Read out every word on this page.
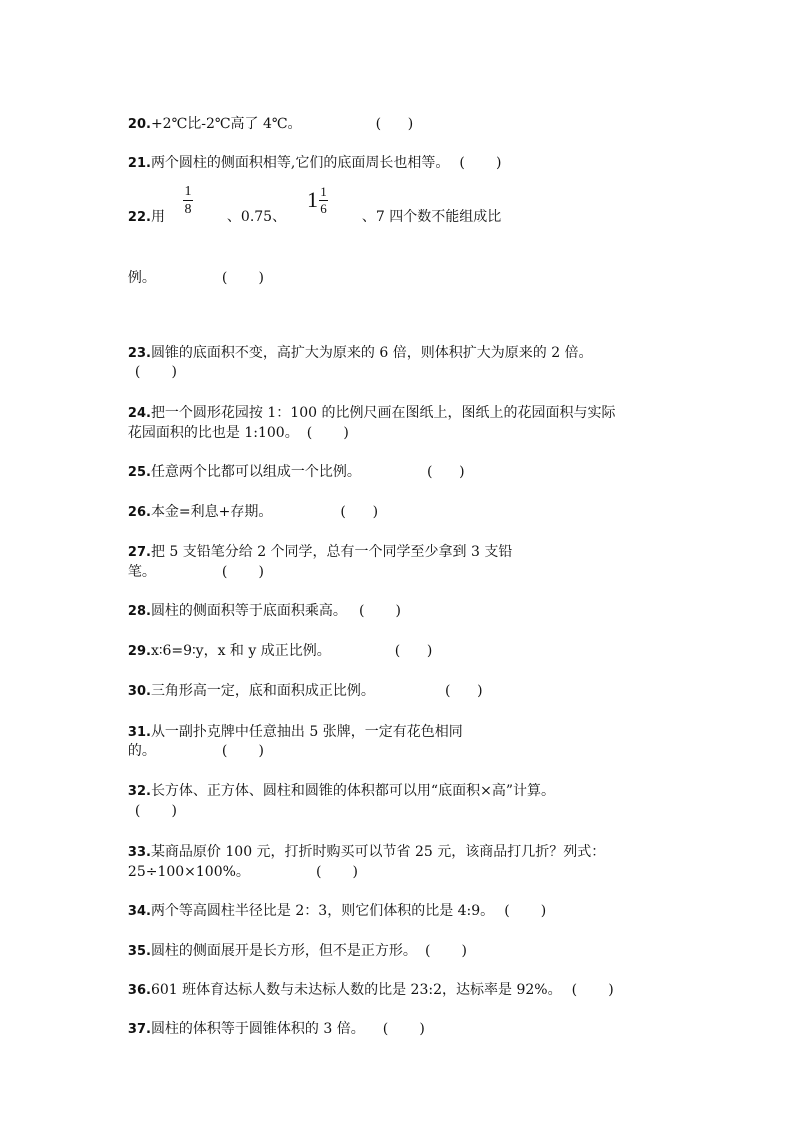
20.+2℃比-2℃高了 4℃。	(      )

21.两个圆柱的侧面积相等,它们的底面周长也相等。 (       )

22.用

1
8	、0.75、

1 1
6

、7 四个数不能组成比

例。	(       )

23.圆锥的底面积不变，高扩大为原来的 6 倍，则体积扩大为原来的 2 倍。

(       )

24.把一个圆形花园按 1：100 的比例尺画在图纸上，图纸上的花园面积与实际

花园面积的比也是 1:100。 (       )

25.任意两个比都可以组成一个比例。	(      )

26.本金=利息+存期。	(      )

27.把 5 支铅笔分给 2 个同学，总有一个同学至少拿到 3 支铅

笔。	(       )

28.圆柱的侧面积等于底面积乘高。 (       )

29.x∶6=9∶y，x 和 y 成正比例。	(      )

30.三角形高一定，底和面积成正比例。	(      )

31.从一副扑克牌中任意抽出 5 张牌，一定有花色相同

的。	(       )

32.长方体、正方体、圆柱和圆锥的体积都可以用“底面积×高”计算。

(       )

33.某商品原价 100 元，打折时购买可以节省 25 元，该商品打几折？列式：

25÷100×100%。	(       )

34.两个等高圆柱半径比是 2：3，则它们体积的比是 4:9。 (       )

35.圆柱的侧面展开是长方形，但不是正方形。 (       )

36.601 班体育达标人数与未达标人数的比是 23:2，达标率是 92%。 (       )

37.圆柱的体积等于圆锥体积的 3 倍。 (       )
